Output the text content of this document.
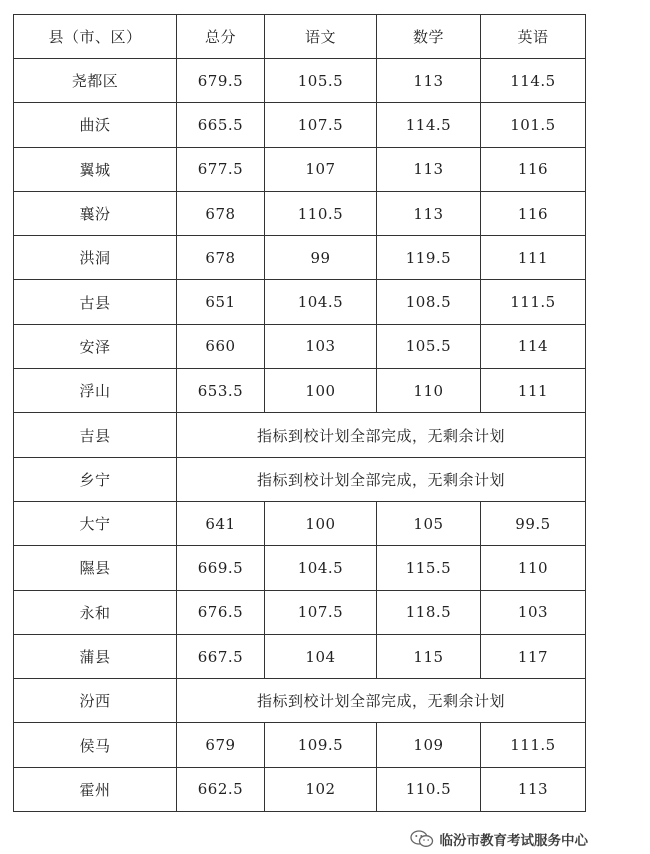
县（市、区）	总分	语文	数学	英语
尧都区	679.5	105.5	113	114.5
曲沃	665.5	107.5	114.5	101.5
翼城	677.5	107	113	116
襄汾	678	110.5	113	116
洪洞	678	99	119.5	111
古县	651	104.5	108.5	111.5
安泽	660	103	105.5	114
浮山	653.5	100	110	111
吉县	指标到校计划全部完成，无剩余计划			
乡宁	指标到校计划全部完成，无剩余计划			
大宁	641	100	105	99.5
隰县	669.5	104.5	115.5	110
永和	676.5	107.5	118.5	103
蒲县	667.5	104	115	117
汾西	指标到校计划全部完成，无剩余计划			
侯马	679	109.5	109	111.5
霍州	662.5	102	110.5	113
临汾市教育考试服务中心
